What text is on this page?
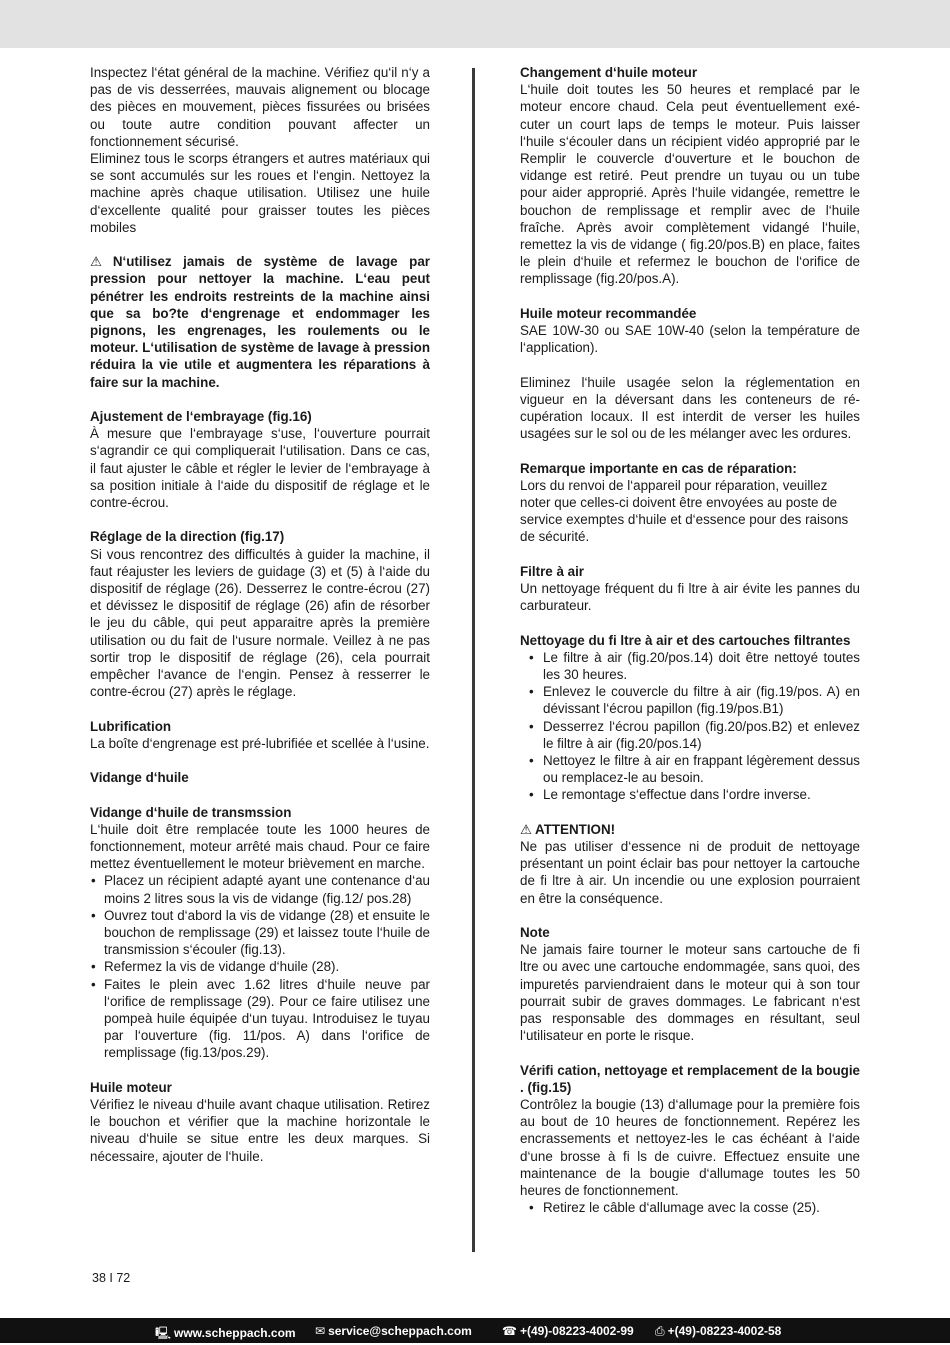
Inspectez l‘état général de la machine. Vérifiez qu‘il n‘y a pas de vis desserrées, mauvais alignement ou blocage des pièces en mouvement, pièces fissurées ou brisées ou toute autre condition pouvant affecter un fonctionnement sécurisé.

Eliminez tous le scorps étrangers et autres matériaux qui se sont accumulés sur les roues et l‘engin. Nettoyez la machine après chaque utilisation. Utilisez une huile d‘excellente qualité pour graisser toutes les pièces mobiles

⚠ N‘utilisez jamais de système de lavage par pression pour nettoyer la machine. L‘eau peut pénétrer les endroits restreints de la machine ainsi que sa bo?te d‘engrenage et endommager les pignons, les engrenages, les roulements ou le moteur. L‘utilisation de système de lavage à pression réduira la vie utile et augmentera les réparations à faire sur la machine.

Ajustement de l‘embrayage (fig.16)

À mesure que l‘embrayage s‘use, l‘ouverture pourrait s‘agrandir ce qui compliquerait l‘utilisation. Dans ce cas, il faut ajuster le câble et régler le levier de l‘embrayage à sa position initiale à l‘aide du dispositif de réglage et le contre-écrou.

Réglage de la direction (fig.17)

Si vous rencontrez des difficultés à guider la machine, il faut réajuster les leviers de guidage (3) et (5) à l‘aide du dispositif de réglage (26). Desserrez le contre-écrou (27) et dévissez le dispositif de réglage (26) afin de résorber le jeu du câble, qui peut apparaitre après la première utilisation ou du fait de l‘usure normale. Veillez à ne pas sortir trop le dispositif de réglage (26), cela pourrait empêcher l‘avance de l‘engin. Pensez à resserrer le contre-écrou (27) après le réglage.

Lubrification

La boîte d‘engrenage est pré-lubrifiée et scellée à l‘usine.

Vidange d‘huile

Vidange d‘huile de transmssion

L‘huile doit être remplacée toute les 1000 heures de fonctionnement, moteur arrêté mais chaud. Pour ce faire mettez éventuellement le moteur brièvement en marche.

• Placez un récipient adapté ayant une contenance d‘au moins 2 litres sous la vis de vidange (fig.12/ pos.28)
• Ouvrez tout d‘abord la vis de vidange (28) et ensuite le bouchon de remplissage (29) et laissez toute l‘huile de transmission s‘écouler (fig.13).
• Refermez la vis de vidange d‘huile (28).
• Faites le plein avec 1.62 litres d‘huile neuve par l‘orifice de remplissage (29). Pour ce faire utilisez une pompeà huile équipée d‘un tuyau. Introduisez le tuyau par l‘ouverture (fig. 11/pos. A) dans l‘orifice de remplissage (fig.13/pos.29).

Huile moteur

Vérifiez le niveau d‘huile avant chaque utilisation. Retirez le bouchon et vérifier que la machine horizontale le niveau d‘huile se situe entre les deux marques. Si nécessaire, ajouter de l‘huile.

Changement d‘huile moteur

L‘huile doit toutes les 50 heures et remplacé par le moteur encore chaud. Cela peut éventuellement exécuter un court laps de temps le moteur. Puis laisser l‘huile s‘écouler dans un récipient vidéo approprié par le Remplir le couvercle d‘ouverture et le bouchon de vidange est retiré. Peut prendre un tuyau ou un tube pour aider approprié. Après l‘huile vidangée, remettre le bouchon de remplissage et remplir avec de l‘huile fraîche. Après avoir complètement vidangé l‘huile, remettez la vis de vidange ( fig.20/pos.B) en place, faites le plein d‘huile et refermez le bouchon de l‘orifice de remplissage (fig.20/pos.A).

Huile moteur recommandée

SAE 10W-30 ou SAE 10W-40 (selon la température de l‘application).

Eliminez l‘huile usagée selon la réglementation en vigueur en la déversant dans les conteneurs de récupération locaux. Il est interdit de verser les huiles usagées sur le sol ou de les mélanger avec les ordures.

Remarque importante en cas de réparation:

Lors du renvoi de l‘appareil pour réparation, veuillez noter que celles-ci doivent être envoyées au poste de service exemptes d‘huile et d‘essence pour des raisons de sécurité.

Filtre à air

Un nettoyage fréquent du fi ltre à air évite les pannes du carburateur.

Nettoyage du fi ltre à air et des cartouches filtrantes

• Le filtre à air (fig.20/pos.14) doit être nettoyé toutes les 30 heures.
• Enlevez le couvercle du filtre à air (fig.19/pos. A) en dévissant l‘écrou papillon (fig.19/pos.B1)
• Desserrez l‘écrou papillon (fig.20/pos.B2) et enlevez le filtre à air (fig.20/pos.14)
• Nettoyez le filtre à air en frappant légèrement dessus ou remplacez-le au besoin.
• Le remontage s‘effectue dans l‘ordre inverse.

⚠ ATTENTION!

Ne pas utiliser d‘essence ni de produit de nettoyage présentant un point éclair bas pour nettoyer la cartouche de fi ltre à air. Un incendie ou une explosion pourraient en être la conséquence.

Note

Ne jamais faire tourner le moteur sans cartouche de fi ltre ou avec une cartouche endommagée, sans quoi, des impuretés parviendraient dans le moteur qui à son tour pourrait subir de graves dommages. Le fabricant n‘est pas responsable des dommages en résultant, seul l‘utilisateur en porte le risque.

Vérifi cation, nettoyage et remplacement de la bougie . (fig.15)

Contrôlez la bougie (13) d‘allumage pour la première fois au bout de 10 heures de fonctionnement. Repérez les encrassements et nettoyez-les le cas échéant à l‘aide d‘une brosse à fi ls de cuivre. Effectuez ensuite une maintenance de la bougie d‘allumage toutes les 50 heures de fonctionnement.

• Retirez le câble d‘allumage avec la cosse (25).
38 I 72
🖳 www.scheppach.com ✉ service@scheppach.com	☎ +(49)-08223-4002-99 ⎙ +(49)-08223-4002-58
